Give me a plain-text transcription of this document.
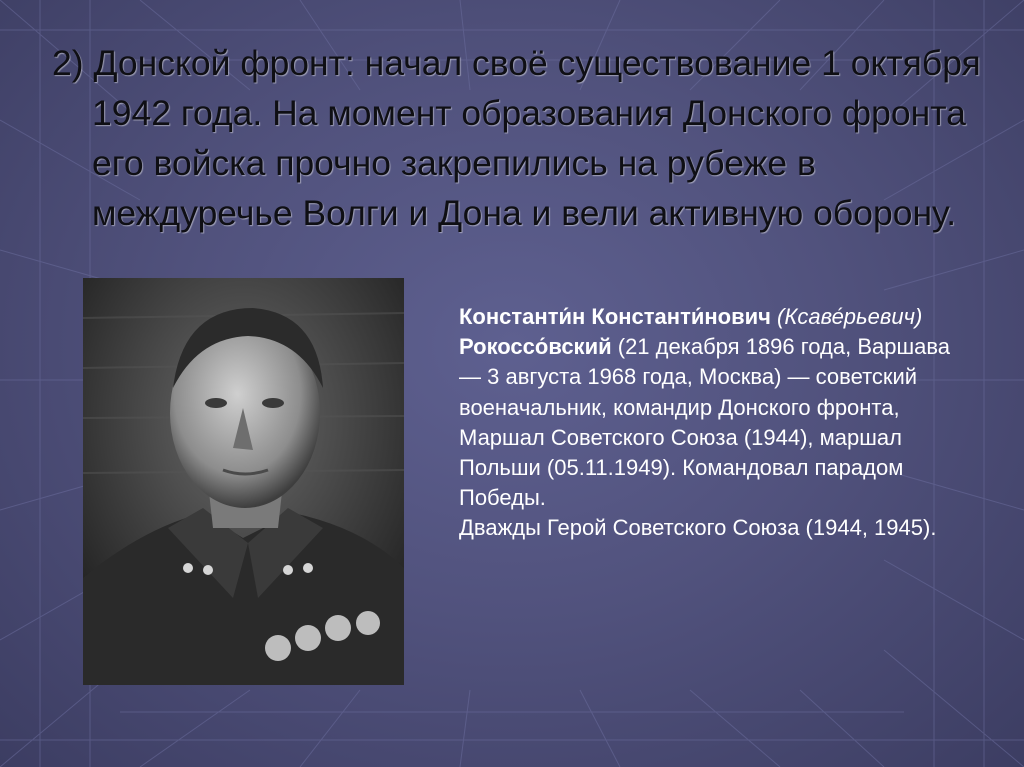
2) Донской фронт: начал своё существование 1 октября 1942 года. На момент образования Донского фронта его войска прочно закрепились на рубеже в междуречье Волги и Дона и вели активную оборону.

Константи́н Константи́нович (Ксаве́рьевич) Рокоссо́вский (21 декабря 1896 года, Варшава — 3 августа 1968 года, Москва) — советский военачальник, командир Донского фронта, Маршал Советского Союза (1944), маршал Польши (05.11.1949). Командовал парадом Победы.
Дважды Герой Советского Союза (1944, 1945).
